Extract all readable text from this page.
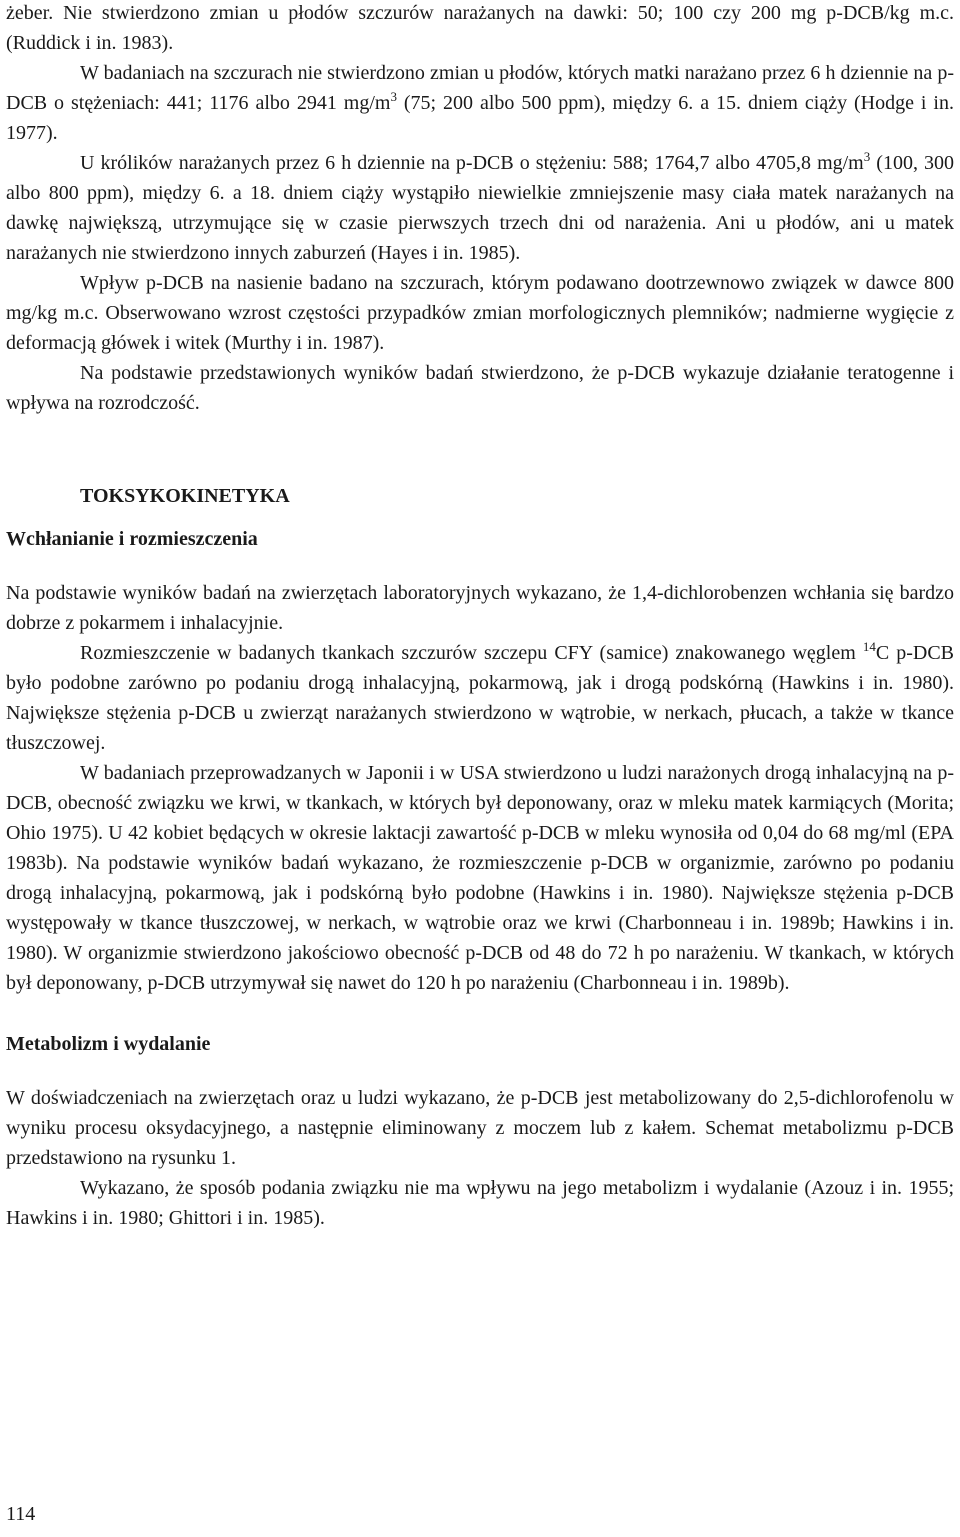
żeber. Nie stwierdzono zmian u płodów szczurów narażanych na dawki: 50; 100 czy 200 mg p-DCB/kg m.c. (Ruddick i in. 1983).

W badaniach na szczurach nie stwierdzono zmian u płodów, których matki narażano przez 6 h dziennie na p-DCB o stężeniach: 441; 1176 albo 2941 $mg/m^3$ (75; 200 albo 500 ppm), między 6. a 15. dniem ciąży (Hodge i in. 1977).

U królików narażanych przez 6 h dziennie na p-DCB o stężeniu: 588; 1764,7 albo 4705,8 $mg/m^3$ (100, 300 albo 800 ppm), między 6. a 18. dniem ciąży wystąpiło niewielkie zmniejszenie masy ciała matek narażanych na dawkę największą, utrzymujące się w czasie pierwszych trzech dni od narażenia. Ani u płodów, ani u matek narażanych nie stwierdzono innych zaburzeń (Hayes i in. 1985).

Wpływ p-DCB na nasienie badano na szczurach, którym podawano dootrzewnowo związek w dawce 800 mg/kg m.c. Obserwowano wzrost częstości przypadków zmian morfologicznych plemników; nadmierne wygięcie z deformacją główek i witek (Murthy i in. 1987).

Na podstawie przedstawionych wyników badań stwierdzono, że p-DCB wykazuje działanie teratogenne i wpływa na rozrodczość.

TOKSYKOKINETYKA

Wchłanianie i rozmieszczenia

Na podstawie wyników badań na zwierzętach laboratoryjnych wykazano, że 1,4-dichlorobenzen wchłania się bardzo dobrze z pokarmem i inhalacyjnie.

Rozmieszczenie w badanych tkankach szczurów szczepu CFY (samice) znakowanego węglem $^{14}$C p-DCB było podobne zarówno po podaniu drogą inhalacyjną, pokarmową, jak i drogą podskórną (Hawkins i in. 1980). Największe stężenia p-DCB u zwierząt narażanych stwierdzono w wątrobie, w nerkach, płucach, a także w tkance tłuszczowej.

W badaniach przeprowadzanych w Japonii i w USA stwierdzono u ludzi narażonych drogą inhalacyjną na p-DCB, obecność związku we krwi, w tkankach, w których był deponowany, oraz w mleku matek karmiących (Morita; Ohio 1975). U 42 kobiet będących w okresie laktacji zawartość p-DCB w mleku wynosiła od 0,04 do 68 mg/ml (EPA 1983b). Na podstawie wyników badań wykazano, że rozmieszczenie p-DCB w organizmie, zarówno po podaniu drogą inhalacyjną, pokarmową, jak i podskórną było podobne (Hawkins i in. 1980). Największe stężenia p-DCB występowały w tkance tłuszczowej, w nerkach, w wątrobie oraz we krwi (Charbonneau i in. 1989b; Hawkins i in. 1980). W organizmie stwierdzono jakościowo obecność p-DCB od 48 do 72 h po narażeniu. W tkankach, w których był deponowany, p-DCB utrzymywał się nawet do 120 h po narażeniu (Charbonneau i in. 1989b).

Metabolizm i wydalanie

W doświadczeniach na zwierzętach oraz u ludzi wykazano, że p-DCB jest metabolizowany do 2,5-dichlorofenolu w wyniku procesu oksydacyjnego, a następnie eliminowany z moczem lub z kałem. Schemat metabolizmu p-DCB przedstawiono na rysunku 1.

Wykazano, że sposób podania związku nie ma wpływu na jego metabolizm i wydalanie (Azouz i in. 1955; Hawkins i in. 1980; Ghittori i in. 1985).

114
